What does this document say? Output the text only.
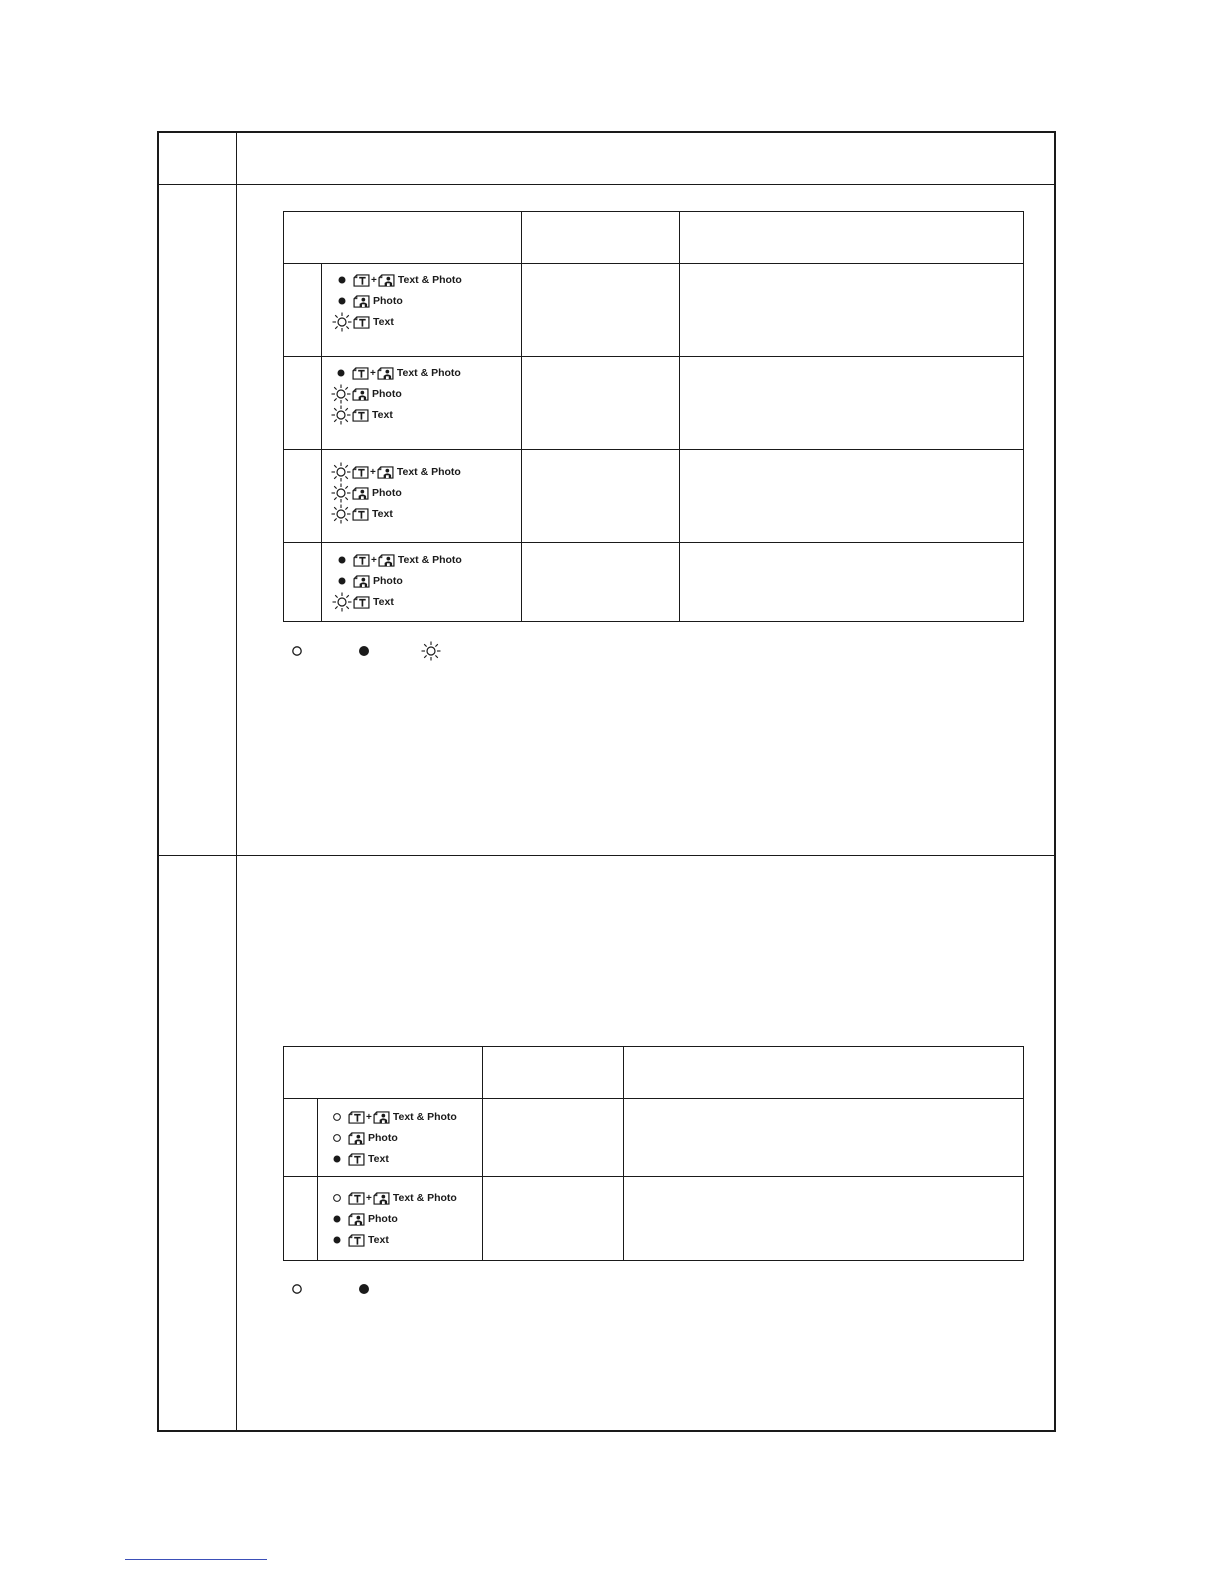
+ Text & Photo
Photo
Text
+ Text & Photo
Photo
Text
+ Text & Photo
Photo
Text
+ Text & Photo
Photo
Text
+ Text & Photo
Photo
Text
+ Text & Photo
Photo
Text
